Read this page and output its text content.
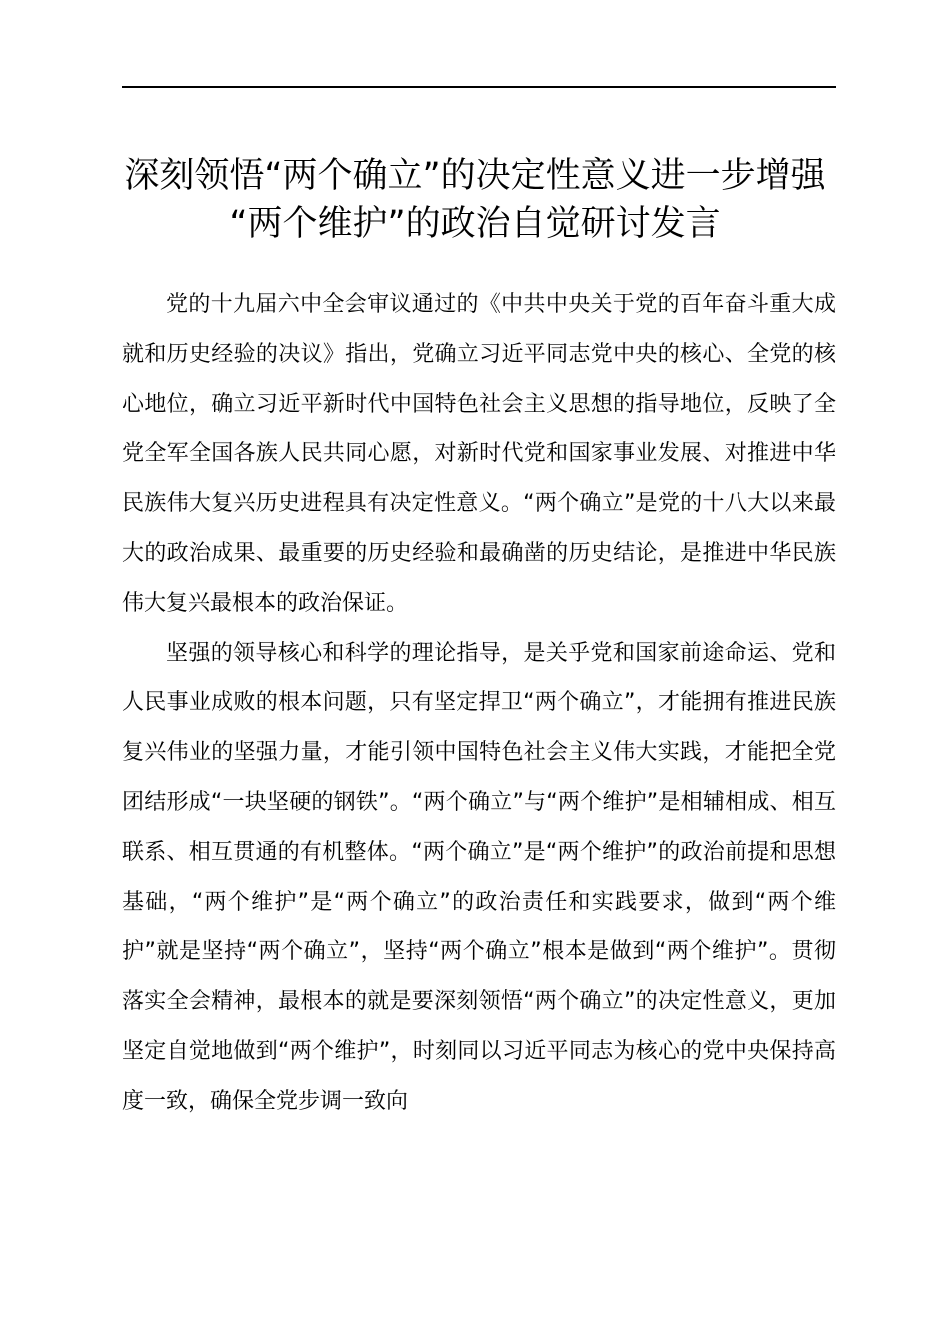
深刻领悟“两个确立”的决定性意义进一步增强
“两个维护”的政治自觉研讨发言

党的十九届六中全会审议通过的《中共中央关于党的百年奋斗重大成就和历史经验的决议》指出，党确立习近平同志党中央的核心、全党的核心地位，确立习近平新时代中国特色社会主义思想的指导地位，反映了全党全军全国各族人民共同心愿，对新时代党和国家事业发展、对推进中华民族伟大复兴历史进程具有决定性意义。“两个确立”是党的十八大以来最大的政治成果、最重要的历史经验和最确凿的历史结论，是推进中华民族伟大复兴最根本的政治保证。

坚强的领导核心和科学的理论指导，是关乎党和国家前途命运、党和人民事业成败的根本问题，只有坚定捍卫“两个确立”，才能拥有推进民族复兴伟业的坚强力量，才能引领中国特色社会主义伟大实践，才能把全党团结形成“一块坚硬的钢铁”。“两个确立”与“两个维护”是相辅相成、相互联系、相互贯通的有机整体。“两个确立”是“两个维护”的政治前提和思想基础，“两个维护”是“两个确立”的政治责任和实践要求，做到“两个维护”就是坚持“两个确立”，坚持“两个确立”根本是做到“两个维护”。贯彻落实全会精神，最根本的就是要深刻领悟“两个确立”的决定性意义，更加坚定自觉地做到“两个维护”，时刻同以习近平同志为核心的党中央保持高度一致，确保全党步调一致向
